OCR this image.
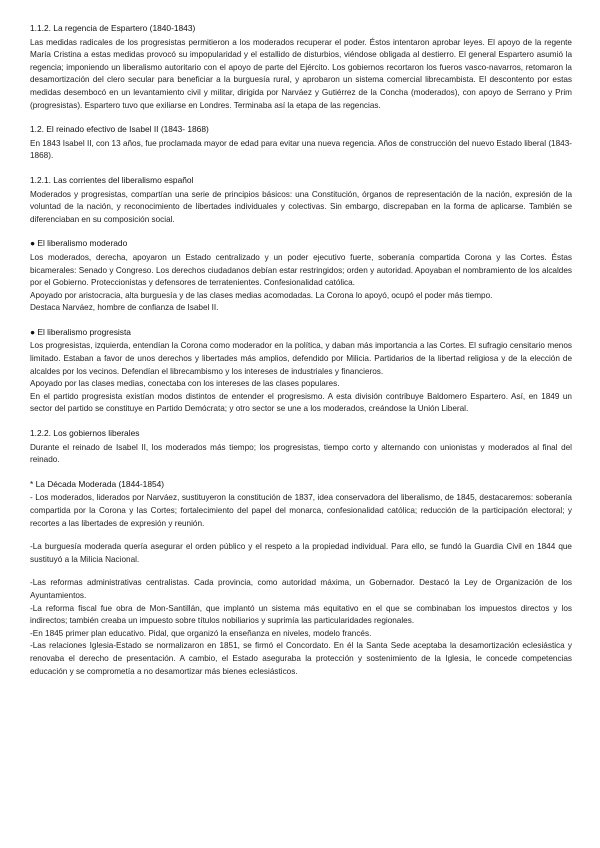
1.1.2. La regencia de Espartero (1840-1843)

Las medidas radicales de los progresistas permitieron a los moderados recuperar el poder. Éstos intentaron aprobar leyes. El apoyo de la regente María Cristina a estas medidas provocó su impopularidad y el estallido de disturbios, viéndose obligada al destierro. El general Espartero asumió la regencia; imponiendo un liberalismo autoritario con el apoyo de parte del Ejército. Los gobiernos recortaron los fueros vasco-navarros, retomaron la desamortización del clero secular para beneficiar a la burguesía rural, y aprobaron un sistema comercial librecambista. El descontento por estas medidas desembocó en un levantamiento civil y militar, dirigida por Narváez y Gutiérrez de la Concha (moderados), con apoyo de Serrano y Prim (progresistas). Espartero tuvo que exiliarse en Londres. Terminaba así la etapa de las regencias.

1.2. El reinado efectivo de Isabel II (1843- 1868)

En 1843 Isabel II, con 13 años, fue proclamada mayor de edad para evitar una nueva regencia. Años de construcción del nuevo Estado liberal (1843-1868).

1.2.1. Las corrientes del liberalismo español

Moderados y progresistas, compartían una serie de principios básicos: una Constitución, órganos de representación de la nación, expresión de la voluntad de la nación, y reconocimiento de libertades individuales y colectivas. Sin embargo, discrepaban en la forma de aplicarse. También se diferenciaban en su composición social.

● El liberalismo moderado

Los moderados, derecha, apoyaron un Estado centralizado y un poder ejecutivo fuerte, soberanía compartida Corona y las Cortes. Éstas bicamerales: Senado y Congreso. Los derechos ciudadanos debían estar restringidos; orden y autoridad. Apoyaban el nombramiento de los alcaldes por el Gobierno. Proteccionistas y defensores de terratenientes. Confesionalidad católica.

Apoyado por aristocracia, alta burguesía y de las clases medias acomodadas. La Corona lo apoyó, ocupó el poder más tiempo.

Destaca Narváez, hombre de confianza de Isabel II.

● El liberalismo progresista

Los progresistas, izquierda, entendían la Corona como moderador en la política, y daban más importancia a las Cortes. El sufragio censitario menos limitado. Estaban a favor de unos derechos y libertades más amplios, defendido por Milicia. Partidarios de la libertad religiosa y de la elección de alcaldes por los vecinos. Defendían el librecambismo y los intereses de industriales y financieros.

Apoyado por las clases medias, conectaba con los intereses de las clases populares.

En el partido progresista existían modos distintos de entender el progresismo. A esta división contribuye Baldomero Espartero. Así, en 1849 un sector del partido se constituye en Partido Demócrata; y otro sector se une a los moderados, creándose la Unión Liberal.

1.2.2. Los gobiernos liberales

Durante el reinado de Isabel II, los moderados más tiempo; los progresistas, tiempo corto y alternando con unionistas y moderados al final del reinado.

* La Década Moderada (1844-1854)

- Los moderados, liderados por Narváez, sustituyeron la constitución de 1837, idea conservadora del liberalismo, de 1845, destacaremos: soberanía compartida por la Corona y las Cortes; fortalecimiento del papel del monarca, confesionalidad católica; reducción de la participación electoral; y recortes a las libertades de expresión y reunión.

-La burguesía moderada quería asegurar el orden público y el respeto a la propiedad individual. Para ello, se fundó la Guardia Civil en 1844 que sustituyó a la Milicia Nacional.

-Las reformas administrativas centralistas. Cada provincia, como autoridad máxima, un Gobernador. Destacó la Ley de Organización de los Ayuntamientos.

-La reforma fiscal fue obra de Mon-Santillán, que implantó un sistema más equitativo en el que se combinaban los impuestos directos y los indirectos; también creaba un impuesto sobre títulos nobiliarios y suprimía las particularidades regionales.

-En 1845 primer plan educativo. Pidal, que organizó la enseñanza en niveles, modelo francés.

-Las relaciones Iglesia-Estado se normalizaron en 1851, se firmó el Concordato. En él la Santa Sede aceptaba la desamortización eclesiástica y renovaba el derecho de presentación. A cambio, el Estado aseguraba la protección y sostenimiento de la Iglesia, le concede competencias educación y se comprometía a no desamortizar más bienes eclesiásticos.
